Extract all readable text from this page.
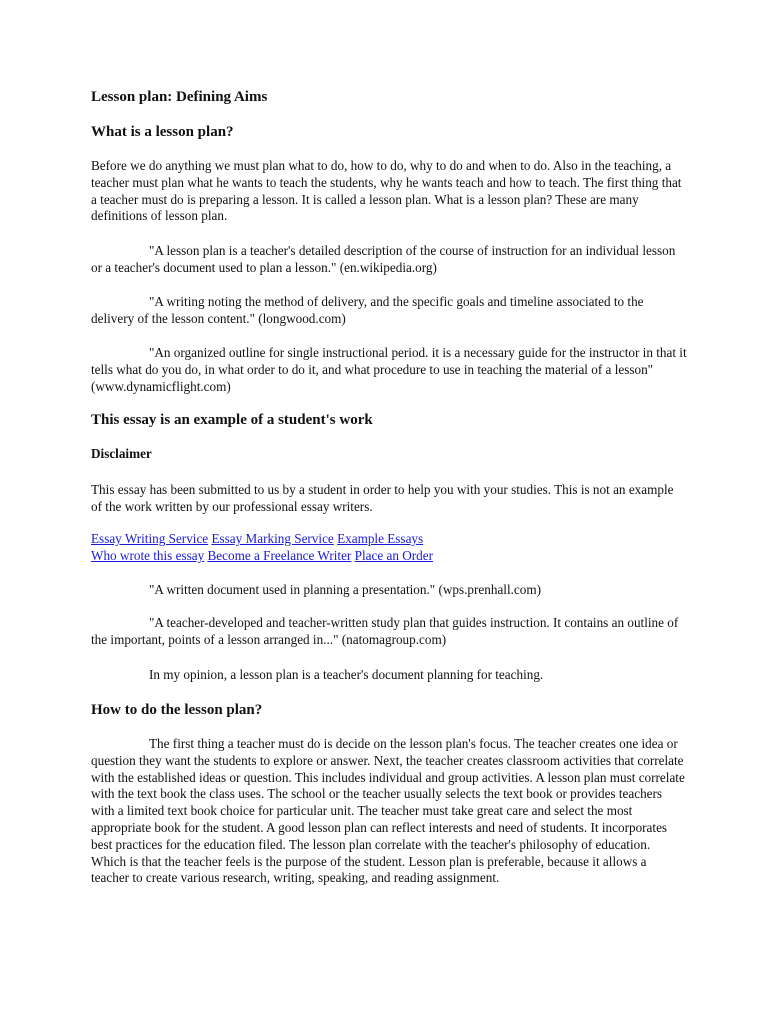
Lesson plan: Defining Aims
What is a lesson plan?

Before we do anything we must plan what to do, how to do, why to do and when to do. Also in the teaching, a teacher must plan what he wants to teach the students, why he wants teach and how to teach. The first thing that a teacher must do is preparing a lesson. It is called a lesson plan. What is a lesson plan? These are many definitions of lesson plan.

"A lesson plan is a teacher's detailed description of the course of instruction for an individual lesson or a teacher's document used to plan a lesson." (en.wikipedia.org)

"A writing noting the method of delivery, and the specific goals and timeline associated to the delivery of the lesson content." (longwood.com)

"An organized outline for single instructional period. it is a necessary guide for the instructor in that it tells what do you do, in what order to do it, and what procedure to use in teaching the material of a lesson" (www.dynamicflight.com)

This essay is an example of a student's work
Disclaimer

This essay has been submitted to us by a student in order to help you with your studies. This is not an example of the work written by our professional essay writers.

Essay Writing Service Essay Marking Service Example Essays
Who wrote this essay Become a Freelance Writer Place an Order

"A written document used in planning a presentation." (wps.prenhall.com)

"A teacher-developed and teacher-written study plan that guides instruction. It contains an outline of the important, points of a lesson arranged in..." (natomagroup.com)

In my opinion, a lesson plan is a teacher's document planning for teaching.

How to do the lesson plan?

The first thing a teacher must do is decide on the lesson plan's focus. The teacher creates one idea or question they want the students to explore or answer. Next, the teacher creates classroom activities that correlate with the established ideas or question. This includes individual and group activities. A lesson plan must correlate with the text book the class uses. The school or the teacher usually selects the text book or provides teachers with a limited text book choice for particular unit. The teacher must take great care and select the most appropriate book for the student. A good lesson plan can reflect interests and need of students. It incorporates best practices for the education filed. The lesson plan correlate with the teacher's philosophy of education. Which is that the teacher feels is the purpose of the student. Lesson plan is preferable, because it allows a teacher to create various research, writing, speaking, and reading assignment.
